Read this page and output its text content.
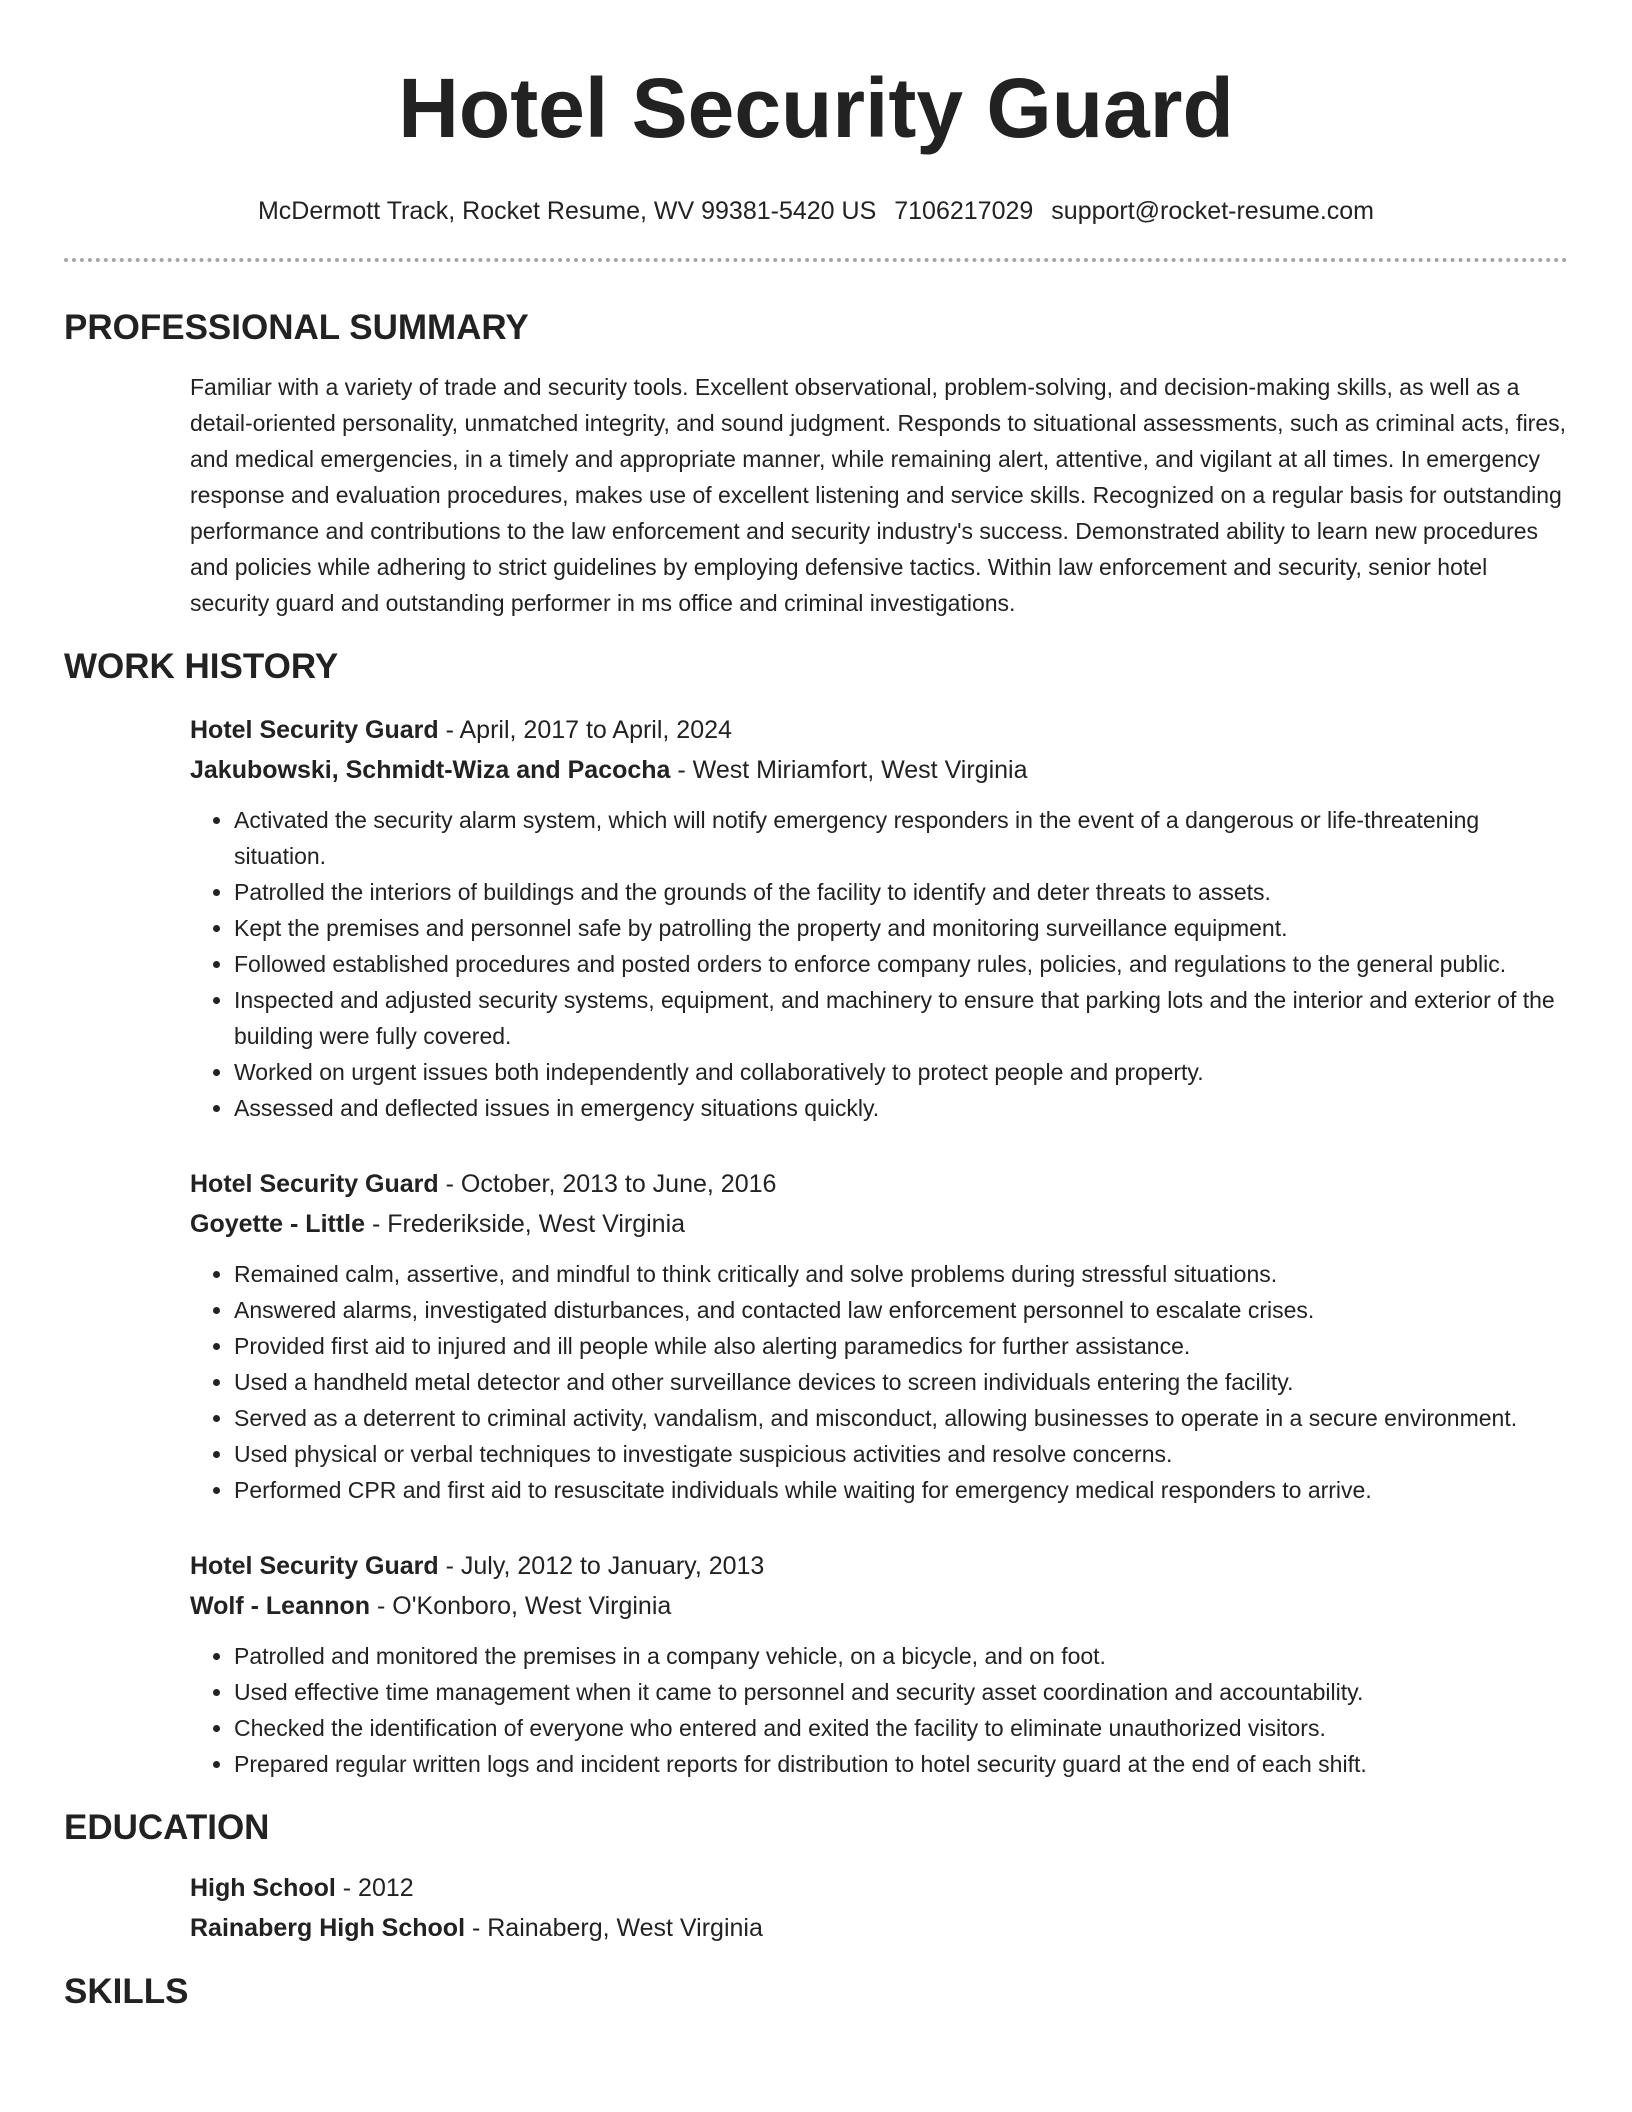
Hotel Security Guard
McDermott Track, Rocket Resume, WV 99381-5420 US 7106217029 support@rocket-resume.com
PROFESSIONAL SUMMARY
Familiar with a variety of trade and security tools. Excellent observational, problem-solving, and decision-making skills, as well as a detail-oriented personality, unmatched integrity, and sound judgment. Responds to situational assessments, such as criminal acts, fires, and medical emergencies, in a timely and appropriate manner, while remaining alert, attentive, and vigilant at all times. In emergency response and evaluation procedures, makes use of excellent listening and service skills. Recognized on a regular basis for outstanding performance and contributions to the law enforcement and security industry's success. Demonstrated ability to learn new procedures and policies while adhering to strict guidelines by employing defensive tactics. Within law enforcement and security, senior hotel security guard and outstanding performer in ms office and criminal investigations.
WORK HISTORY
Hotel Security Guard - April, 2017 to April, 2024
Jakubowski, Schmidt-Wiza and Pacocha - West Miriamfort, West Virginia
• Activated the security alarm system, which will notify emergency responders in the event of a dangerous or life-threatening situation.
• Patrolled the interiors of buildings and the grounds of the facility to identify and deter threats to assets.
• Kept the premises and personnel safe by patrolling the property and monitoring surveillance equipment.
• Followed established procedures and posted orders to enforce company rules, policies, and regulations to the general public.
• Inspected and adjusted security systems, equipment, and machinery to ensure that parking lots and the interior and exterior of the building were fully covered.
• Worked on urgent issues both independently and collaboratively to protect people and property.
• Assessed and deflected issues in emergency situations quickly.
Hotel Security Guard - October, 2013 to June, 2016
Goyette - Little - Frederikside, West Virginia
• Remained calm, assertive, and mindful to think critically and solve problems during stressful situations.
• Answered alarms, investigated disturbances, and contacted law enforcement personnel to escalate crises.
• Provided first aid to injured and ill people while also alerting paramedics for further assistance.
• Used a handheld metal detector and other surveillance devices to screen individuals entering the facility.
• Served as a deterrent to criminal activity, vandalism, and misconduct, allowing businesses to operate in a secure environment.
• Used physical or verbal techniques to investigate suspicious activities and resolve concerns.
• Performed CPR and first aid to resuscitate individuals while waiting for emergency medical responders to arrive.
Hotel Security Guard - July, 2012 to January, 2013
Wolf - Leannon - O'Konboro, West Virginia
• Patrolled and monitored the premises in a company vehicle, on a bicycle, and on foot.
• Used effective time management when it came to personnel and security asset coordination and accountability.
• Checked the identification of everyone who entered and exited the facility to eliminate unauthorized visitors.
• Prepared regular written logs and incident reports for distribution to hotel security guard at the end of each shift.
EDUCATION
High School - 2012
Rainaberg High School - Rainaberg, West Virginia
SKILLS
